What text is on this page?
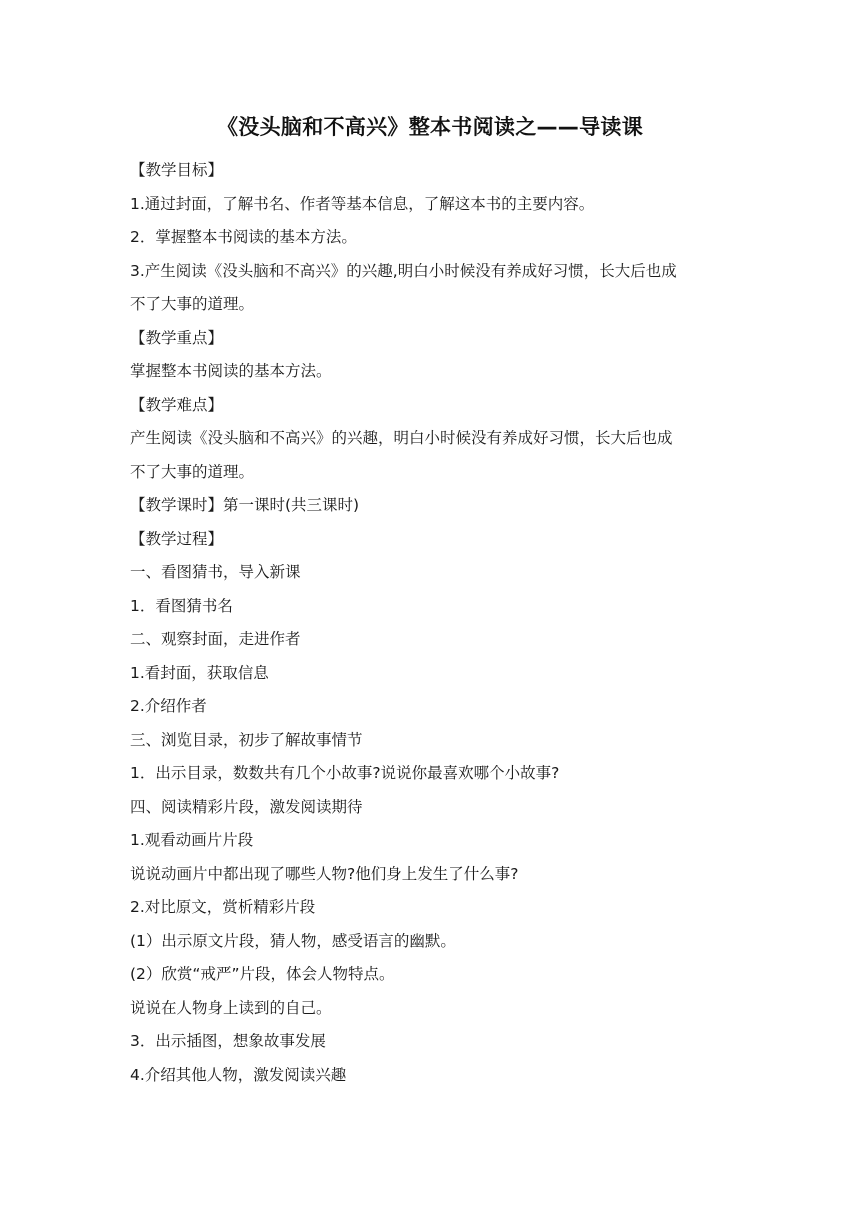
《没头脑和不高兴》整本书阅读之——导读课
【教学目标】
1.通过封面，了解书名、作者等基本信息，了解这本书的主要内容。
2．掌握整本书阅读的基本方法。
3.产生阅读《没头脑和不高兴》的兴趣,明白小时候没有养成好习惯，长大后也成
不了大事的道理。
【教学重点】
掌握整本书阅读的基本方法。
【教学难点】
产生阅读《没头脑和不高兴》的兴趣，明白小时候没有养成好习惯，长大后也成
不了大事的道理。
【教学课时】第一课时(共三课时)
【教学过程】
一、看图猜书，导入新课
1．看图猜书名
二、观察封面，走进作者
1.看封面，获取信息
2.介绍作者
三、浏览目录，初步了解故事情节
1．出示目录，数数共有几个小故事?说说你最喜欢哪个小故事?
四、阅读精彩片段，激发阅读期待
1.观看动画片片段
说说动画片中都出现了哪些人物?他们身上发生了什么事?
2.对比原文，赏析精彩片段
(1）出示原文片段，猜人物，感受语言的幽默。
(2）欣赏“戒严”片段，体会人物特点。
说说在人物身上读到的自己。
3．出示插图，想象故事发展
4.介绍其他人物，激发阅读兴趣
